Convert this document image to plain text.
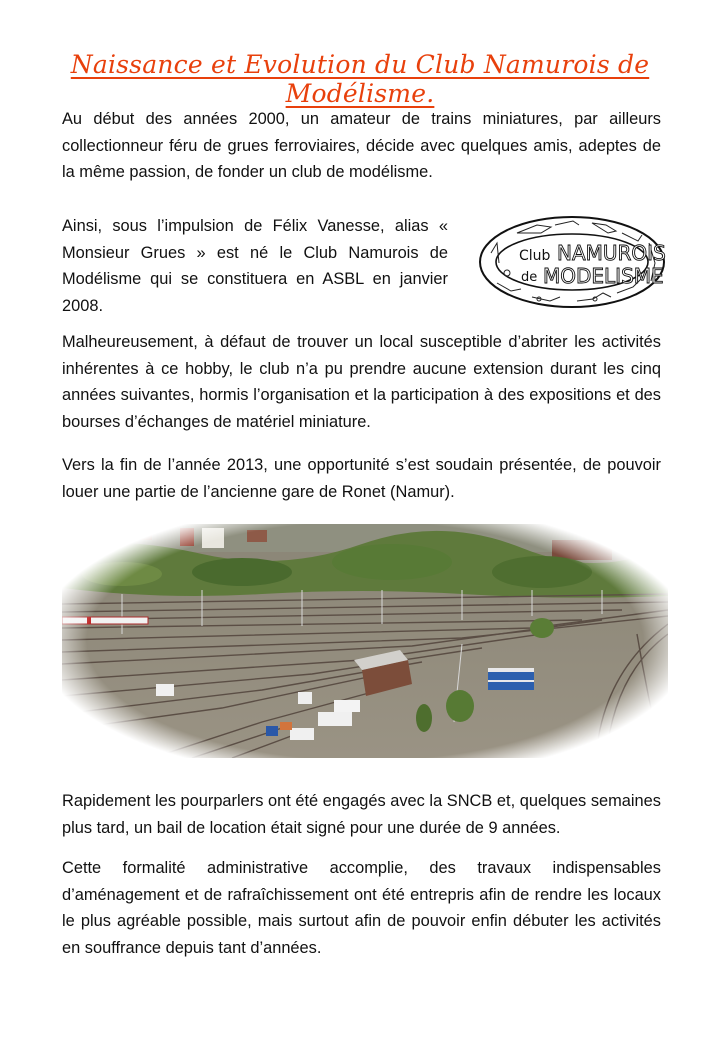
Naissance et Evolution du Club Namurois de Modélisme.

Au début des années 2000, un amateur de trains miniatures, par ailleurs collectionneur féru de grues ferroviaires, décide avec quelques amis, adeptes de la même passion, de fonder un club de modélisme.

Ainsi, sous l’impulsion de Félix Vanesse, alias « Monsieur Grues » est né le Club Namurois de Modélisme qui se constituera en ASBL en janvier 2008.

Club NAMUROIS
de MODELISME

Malheureusement, à défaut de trouver un local susceptible d’abriter les activités inhérentes à ce hobby, le club n’a pu prendre aucune extension durant les cinq années suivantes, hormis l’organisation et la participation à des expositions et des bourses d’échanges de matériel miniature.

Vers la fin de l’année 2013, une opportunité s’est soudain présentée, de pouvoir louer une partie de l’ancienne gare de Ronet (Namur).

Rapidement les pourparlers ont été engagés avec la SNCB et, quelques semaines plus tard, un bail de location était signé pour une durée de 9 années.

Cette formalité administrative accomplie, des travaux indispensables d’aménagement et de rafraîchissement ont été entrepris afin de rendre les locaux le plus agréable possible, mais surtout afin de pouvoir enfin débuter les activités en souffrance depuis tant d’années.
